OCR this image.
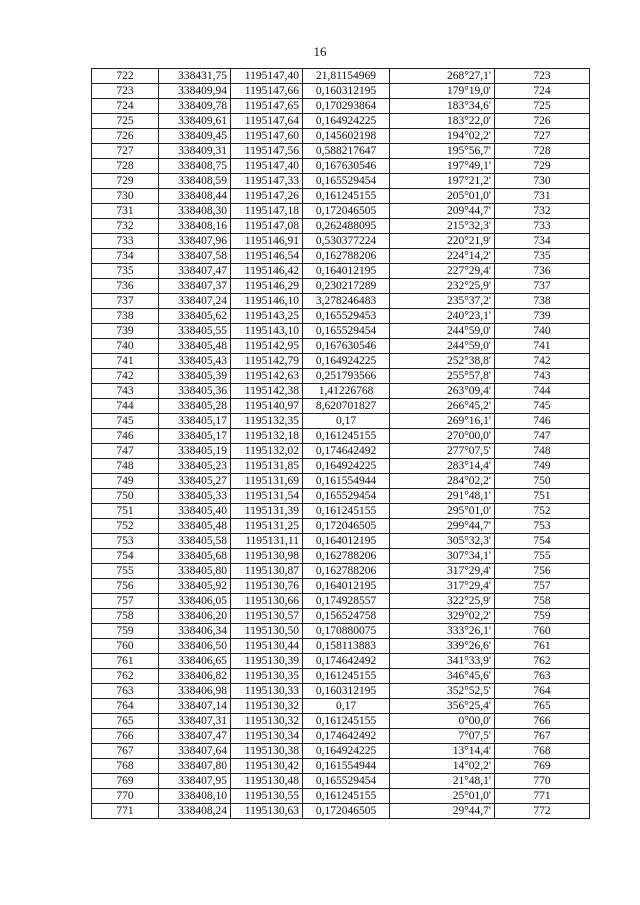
16
722	338431,75	1195147,40	21,81154969	268°27,1'	723
723	338409,94	1195147,66	0,160312195	179°19,0'	724
724	338409,78	1195147,65	0,170293864	183°34,6'	725
725	338409,61	1195147,64	0,164924225	183°22,0'	726
726	338409,45	1195147,60	0,145602198	194°02,2'	727
727	338409,31	1195147,56	0,588217647	195°56,7'	728
728	338408,75	1195147,40	0,167630546	197°49,1'	729
729	338408,59	1195147,33	0,165529454	197°21,2'	730
730	338408,44	1195147,26	0,161245155	205°01,0'	731
731	338408,30	1195147,18	0,172046505	209°44,7'	732
732	338408,16	1195147,08	0,262488095	215°32,3'	733
733	338407,96	1195146,91	0,530377224	220°21,9'	734
734	338407,58	1195146,54	0,162788206	224°14,2'	735
735	338407,47	1195146,42	0,164012195	227°29,4'	736
736	338407,37	1195146,29	0,230217289	232°25,9'	737
737	338407,24	1195146,10	3,278246483	235°37,2'	738
738	338405,62	1195143,25	0,165529453	240°23,1'	739
739	338405,55	1195143,10	0,165529454	244°59,0'	740
740	338405,48	1195142,95	0,167630546	244°59,0'	741
741	338405,43	1195142,79	0,164924225	252°38,8'	742
742	338405,39	1195142,63	0,251793566	255°57,8'	743
743	338405,36	1195142,38	1,41226768	263°09,4'	744
744	338405,28	1195140,97	8,620701827	266°45,2'	745
745	338405,17	1195132,35	0,17	269°16,1'	746
746	338405,17	1195132,18	0,161245155	270°00,0'	747
747	338405,19	1195132,02	0,174642492	277°07,5'	748
748	338405,23	1195131,85	0,164924225	283°14,4'	749
749	338405,27	1195131,69	0,161554944	284°02,2'	750
750	338405,33	1195131,54	0,165529454	291°48,1'	751
751	338405,40	1195131,39	0,161245155	295°01,0'	752
752	338405,48	1195131,25	0,172046505	299°44,7'	753
753	338405,58	1195131,11	0,164012195	305°32,3'	754
754	338405,68	1195130,98	0,162788206	307°34,1'	755
755	338405,80	1195130,87	0,162788206	317°29,4'	756
756	338405,92	1195130,76	0,164012195	317°29,4'	757
757	338406,05	1195130,66	0,174928557	322°25,9'	758
758	338406,20	1195130,57	0,156524758	329°02,2'	759
759	338406,34	1195130,50	0,170880075	333°26,1'	760
760	338406,50	1195130,44	0,158113883	339°26,6'	761
761	338406,65	1195130,39	0,174642492	341°33,9'	762
762	338406,82	1195130,35	0,161245155	346°45,6'	763
763	338406,98	1195130,33	0,160312195	352°52,5'	764
764	338407,14	1195130,32	0,17	356°25,4'	765
765	338407,31	1195130,32	0,161245155	0°00,0'	766
766	338407,47	1195130,34	0,174642492	7°07,5'	767
767	338407,64	1195130,38	0,164924225	13°14,4'	768
768	338407,80	1195130,42	0,161554944	14°02,2'	769
769	338407,95	1195130,48	0,165529454	21°48,1'	770
770	338408,10	1195130,55	0,161245155	25°01,0'	771
771	338408,24	1195130,63	0,172046505	29°44,7'	772
